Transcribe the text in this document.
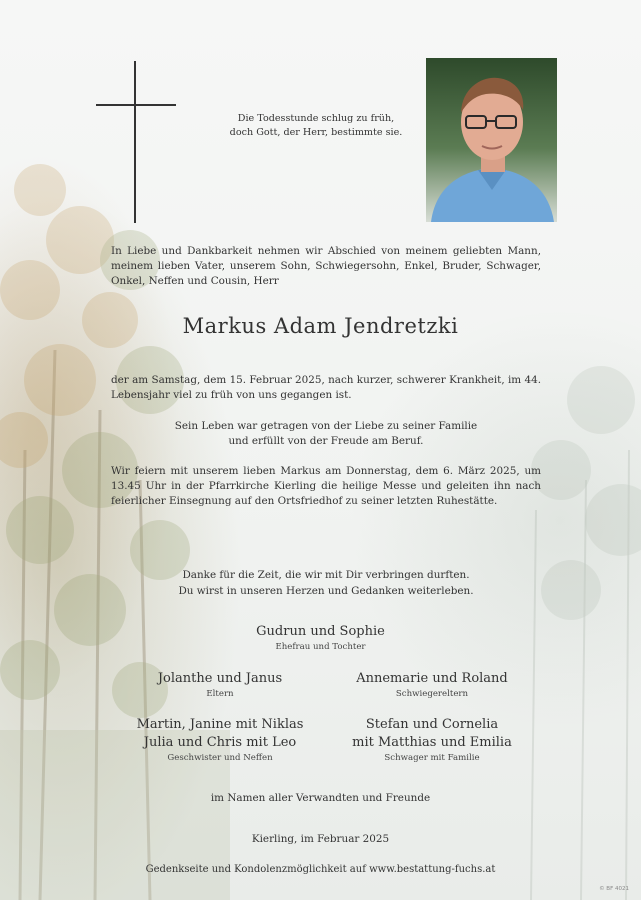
Die Todesstunde schlug zu früh,
doch Gott, der Herr, bestimmte sie.
In Liebe und Dankbarkeit nehmen wir Abschied von meinem geliebten Mann, meinem lieben Vater, unserem Sohn, Schwiegersohn, Enkel, Bruder, Schwager, Onkel, Neffen und Cousin, Herr
Markus Adam Jendretzki
der am Samstag, dem 15. Februar 2025, nach kurzer, schwerer Krankheit, im 44. Lebensjahr viel zu früh von uns gegangen ist.
Sein Leben war getragen von der Liebe zu seiner Familie
und erfüllt von der Freude am Beruf.
Wir feiern mit unserem lieben Markus am Donnerstag, dem 6. März 2025, um 13.45 Uhr in der Pfarrkirche Kierling die heilige Messe und geleiten ihn nach feierlicher Einsegnung auf den Ortsfriedhof zu seiner letzten Ruhestätte.
Danke für die Zeit, die wir mit Dir verbringen durften.
Du wirst in unseren Herzen und Gedanken weiterleben.
Gudrun und Sophie
Ehefrau und Tochter
Jolanthe und Janus
Eltern
Annemarie und Roland
Schwiegereltern
Martin, Janine mit Niklas
Julia und Chris mit Leo
Geschwister und Neffen
Stefan und Cornelia
mit Matthias und Emilia
Schwager mit Familie
im Namen aller Verwandten und Freunde
Kierling, im Februar 2025
Gedenkseite und Kondolenzmöglichkeit auf www.bestattung-fuchs.at
© BF 4021
